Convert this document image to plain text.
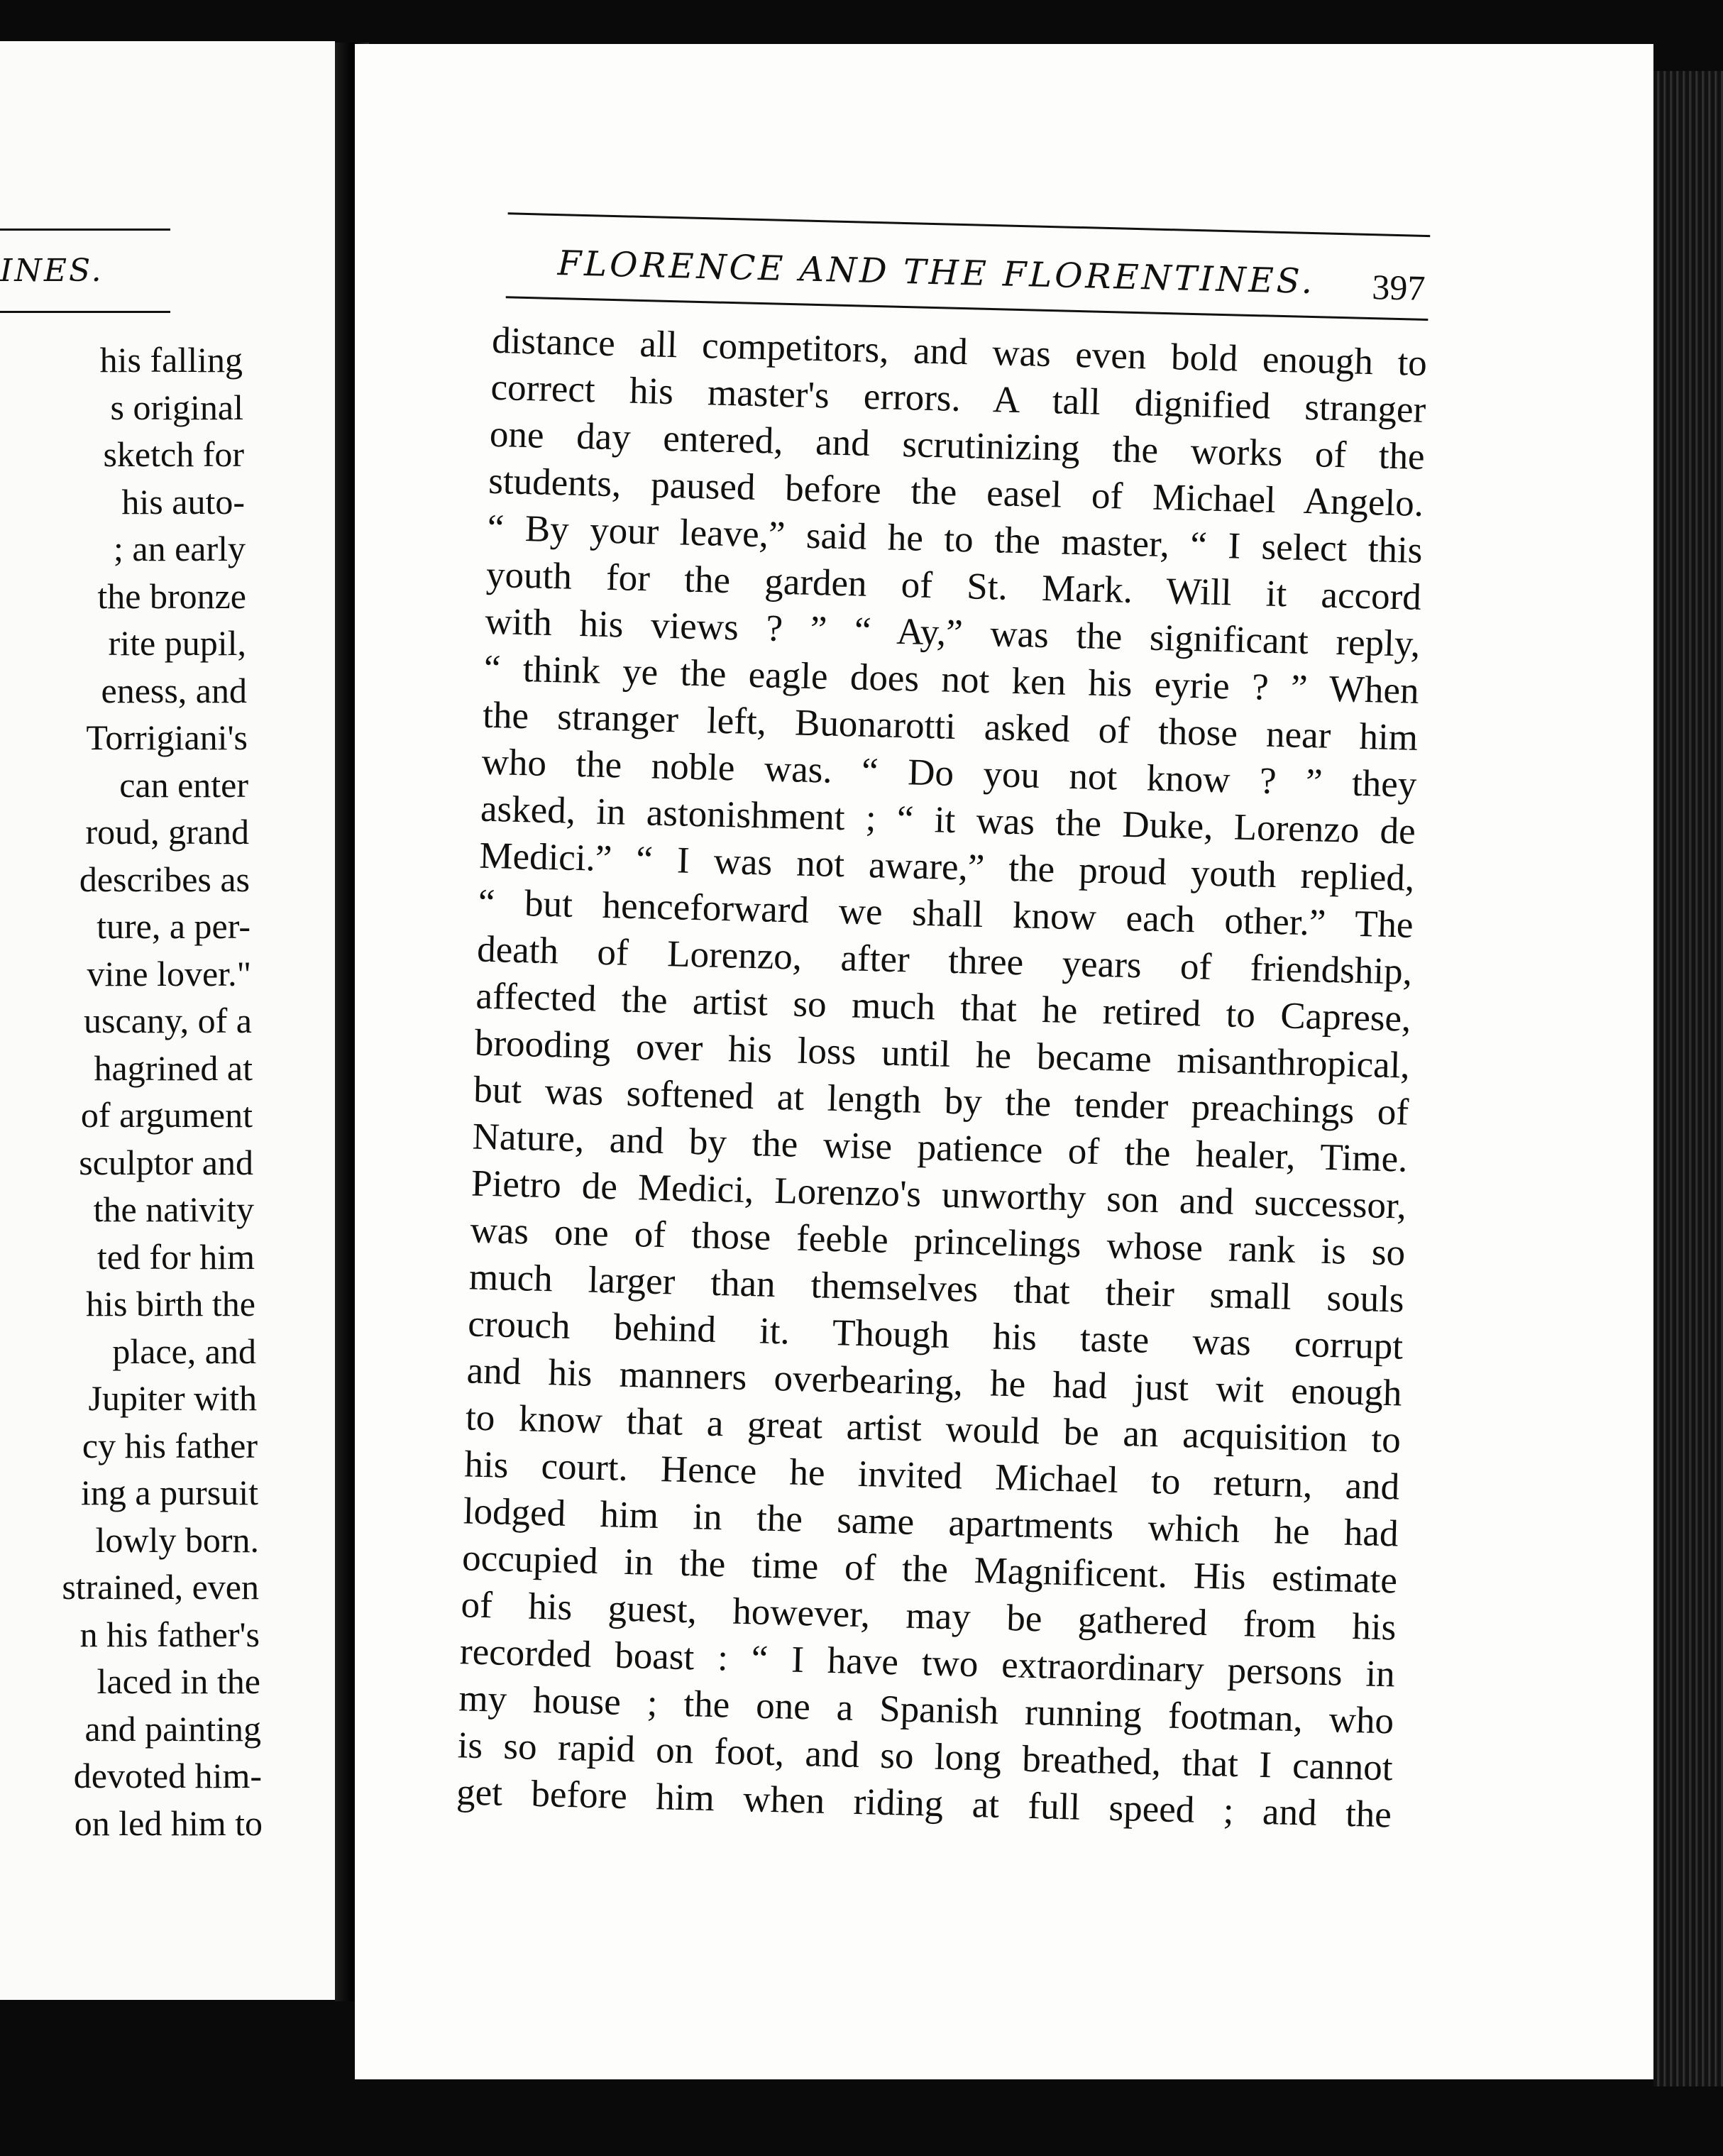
INES.
his falling
s original
sketch for
his auto-
; an early
the bronze
rite pupil,
eness, and
Torrigiani's
can enter
roud, grand
describes as
ture, a per-
vine lover."
uscany, of a
hagrined at
of argument
sculptor and
the nativity
ted for him
his birth the
place, and
Jupiter with
cy his father
ing a pursuit
lowly born.
strained, even
n his father's
laced in the
and painting
devoted him-
on led him to
FLORENCE AND THE FLORENTINES. 397
distance all competitors, and was even bold enough to
correct his master's errors. A tall dignified stranger
one day entered, and scrutinizing the works of the
students, paused before the easel of Michael Angelo.
“ By your leave,” said he to the master, “ I select this
youth for the garden of St. Mark. Will it accord
with his views ? ” “ Ay,” was the significant reply,
“ think ye the eagle does not ken his eyrie ? ” When
the stranger left, Buonarotti asked of those near him
who the noble was. “ Do you not know ? ” they
asked, in astonishment ; “ it was the Duke, Lorenzo de
Medici.” “ I was not aware,” the proud youth replied,
“ but henceforward we shall know each other.” The
death of Lorenzo, after three years of friendship,
affected the artist so much that he retired to Caprese,
brooding over his loss until he became misanthropical,
but was softened at length by the tender preachings of
Nature, and by the wise patience of the healer, Time.
Pietro de Medici, Lorenzo's unworthy son and successor,
was one of those feeble princelings whose rank is so
much larger than themselves that their small souls
crouch behind it. Though his taste was corrupt
and his manners overbearing, he had just wit enough
to know that a great artist would be an acquisition to
his court. Hence he invited Michael to return, and
lodged him in the same apartments which he had
occupied in the time of the Magnificent. His estimate
of his guest, however, may be gathered from his
recorded boast : “ I have two extraordinary persons in
my house ; the one a Spanish running footman, who
is so rapid on foot, and so long breathed, that I cannot
get before him when riding at full speed ; and the
